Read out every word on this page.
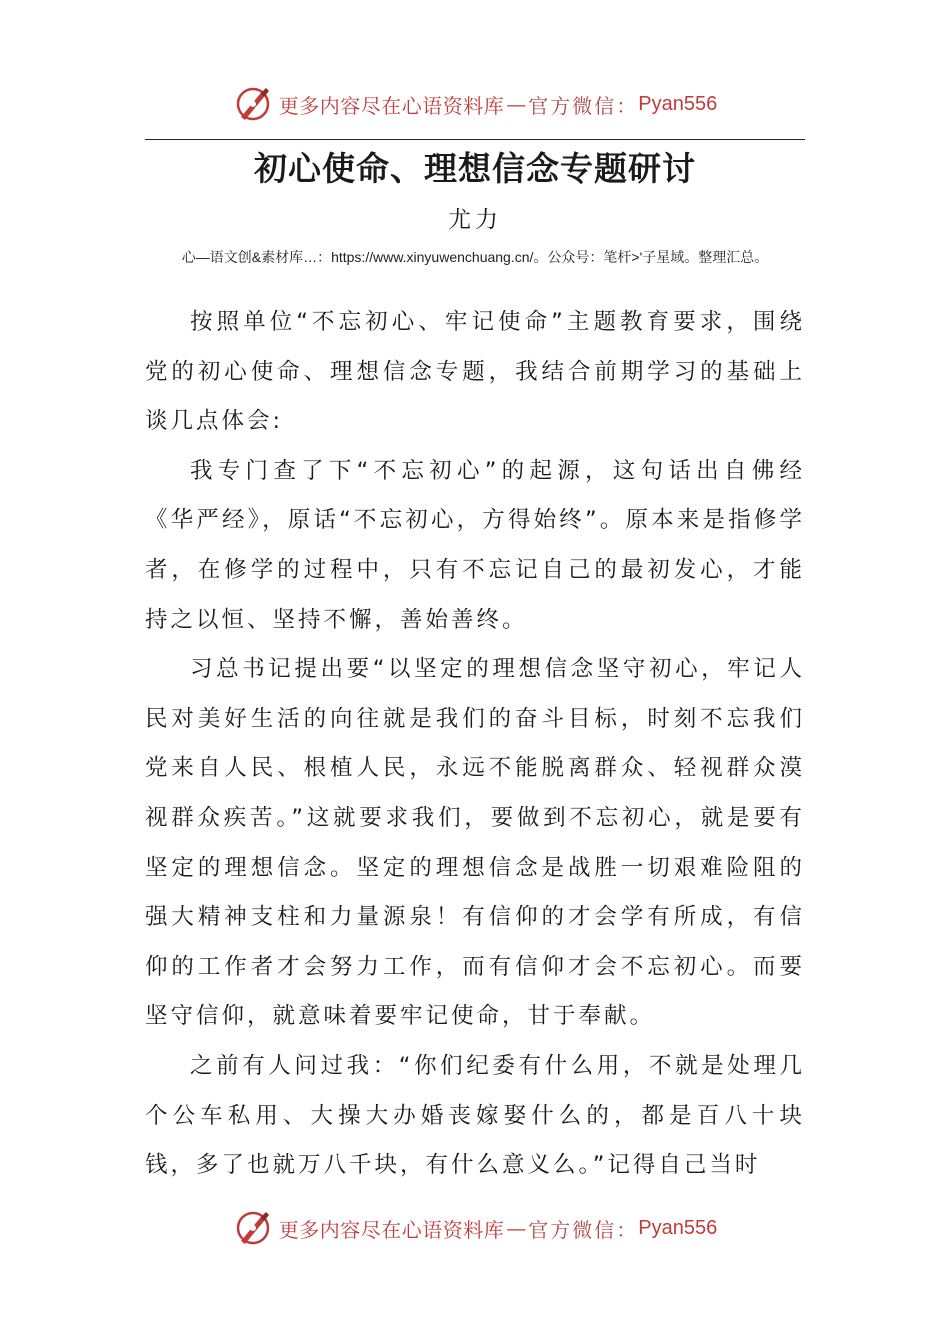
更多内容尽在心语资料库 — 官方微信： Pyan556
初心使命、理想信念专题研讨
尤力
心—语文创&素材库…：https://www.xinyuwenchuang.cn/。公众号：笔杆>'子星域。整理汇总。

按照单位“不忘初心、牢记使命”主题教育要求，围绕党的初心使命、理想信念专题，我结合前期学习的基础上谈几点体会:

我专门查了下“不忘初心”的起源，这句话出自佛经《华严经》，原话“不忘初心，方得始终”。原本来是指修学者，在修学的过程中，只有不忘记自己的最初发心，才能持之以恒、坚持不懈，善始善终。

习总书记提出要“以坚定的理想信念坚守初心，牢记人民对美好生活的向往就是我们的奋斗目标，时刻不忘我们党来自人民、根植人民，永远不能脱离群众、轻视群众漠视群众疾苦。”这就要求我们，要做到不忘初心，就是要有坚定的理想信念。坚定的理想信念是战胜一切艰难险阻的强大精神支柱和力量源泉！有信仰的才会学有所成，有信仰的工作者才会努力工作，而有信仰才会不忘初心。而要坚守信仰，就意味着要牢记使命，甘于奉献。

之前有人问过我：“你们纪委有什么用，不就是处理几个公车私用、大操大办婚丧嫁娶什么的，都是百八十块钱，多了也就万八千块，有什么意义么。”记得自己当时

更多内容尽在心语资料库 — 官方微信： Pyan556
